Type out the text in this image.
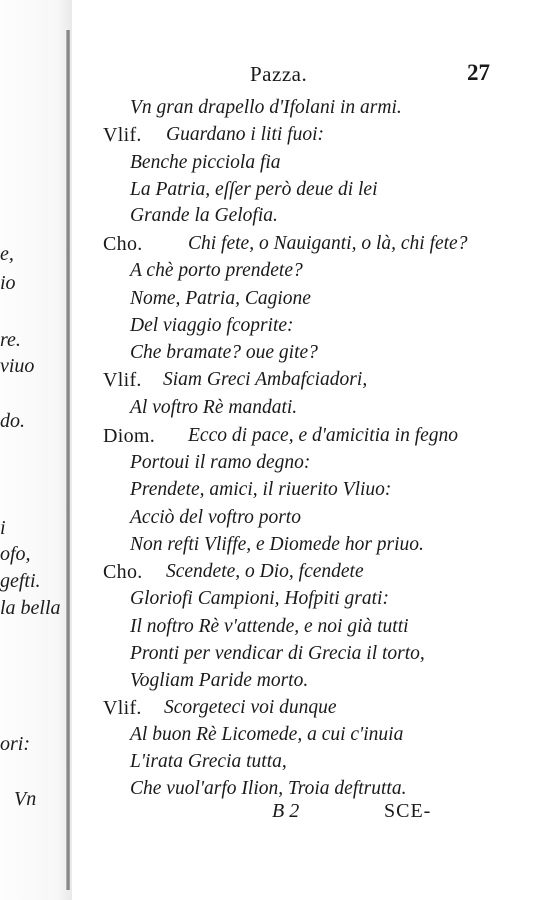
e,
io
re.
viuo
do.
i
ofo,
gefti.
la bella
ori:
Vn
Pazza.	27
Vn gran drapello d'Ifolani in armi.
Vlif. Guardano i liti fuoi:
Benche picciola fia
La Patria, eſſer però deue di lei
Grande la Gelofia.
Cho. Chi fete, o Nauiganti, o là, chi fete?
A chè porto prendete?
Nome, Patria, Cagione
Del viaggio fcoprite:
Che bramate? oue gite?
Vlif. Siam Greci Ambafciadori,
Al voftro Rè mandati.
Diom. Ecco di pace, e d'amicitia in fegno
Portoui il ramo degno:
Prendete, amici, il riuerito Vliuo:
Acciò del voftro porto
Non refti Vliffe, e Diomede hor priuo.
Cho. Scendete, o Dio, fcendete
Gloriofi Campioni, Hofpiti grati:
Il noftro Rè v'attende, e noi già tutti
Pronti per vendicar di Grecia il torto,
Vogliam Paride morto.
Vlif. Scorgeteci voi dunque
Al buon Rè Licomede, a cui c'inuia
L'irata Grecia tutta,
Che vuol'arfo Ilion, Troia deftrutta.
B 2	SCE-
